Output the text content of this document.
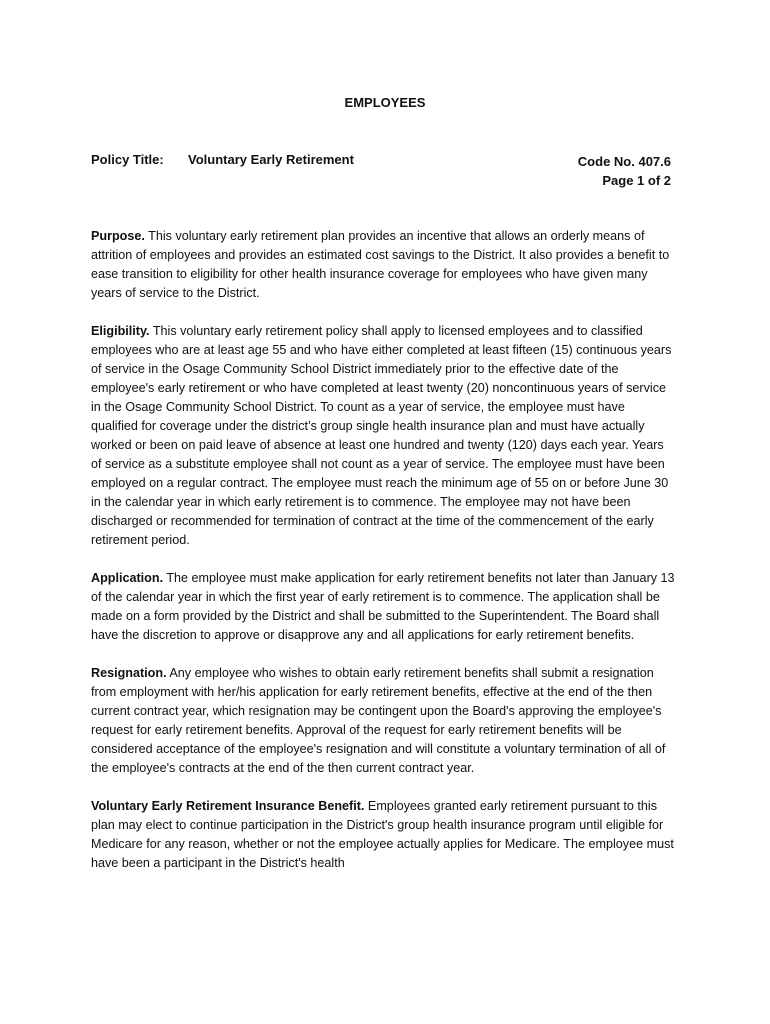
EMPLOYEES
Policy Title: Voluntary Early Retirement	Code No. 407.6
Page 1 of 2

Purpose. This voluntary early retirement plan provides an incentive that allows an orderly means of attrition of employees and provides an estimated cost savings to the District. It also provides a benefit to ease transition to eligibility for other health insurance coverage for employees who have given many years of service to the District.

Eligibility. This voluntary early retirement policy shall apply to licensed employees and to classified employees who are at least age 55 and who have either completed at least fifteen (15) continuous years of service in the Osage Community School District immediately prior to the effective date of the employee's early retirement or who have completed at least twenty (20) noncontinuous years of service in the Osage Community School District. To count as a year of service, the employee must have qualified for coverage under the district’s group single health insurance plan and must have actually worked or been on paid leave of absence at least one hundred and twenty (120) days each year. Years of service as a substitute employee shall not count as a year of service. The employee must have been employed on a regular contract. The employee must reach the minimum age of 55 on or before June 30 in the calendar year in which early retirement is to commence. The employee may not have been discharged or recommended for termination of contract at the time of the commencement of the early retirement period.

Application. The employee must make application for early retirement benefits not later than January 13 of the calendar year in which the first year of early retirement is to commence. The application shall be made on a form provided by the District and shall be submitted to the Superintendent. The Board shall have the discretion to approve or disapprove any and all applications for early retirement benefits.

Resignation. Any employee who wishes to obtain early retirement benefits shall submit a resignation from employment with her/his application for early retirement benefits, effective at the end of the then current contract year, which resignation may be contingent upon the Board's approving the employee's request for early retirement benefits. Approval of the request for early retirement benefits will be considered acceptance of the employee's resignation and will constitute a voluntary termination of all of the employee's contracts at the end of the then current contract year.

Voluntary Early Retirement Insurance Benefit. Employees granted early retirement pursuant to this plan may elect to continue participation in the District's group health insurance program until eligible for Medicare for any reason, whether or not the employee actually applies for Medicare. The employee must have been a participant in the District's health
